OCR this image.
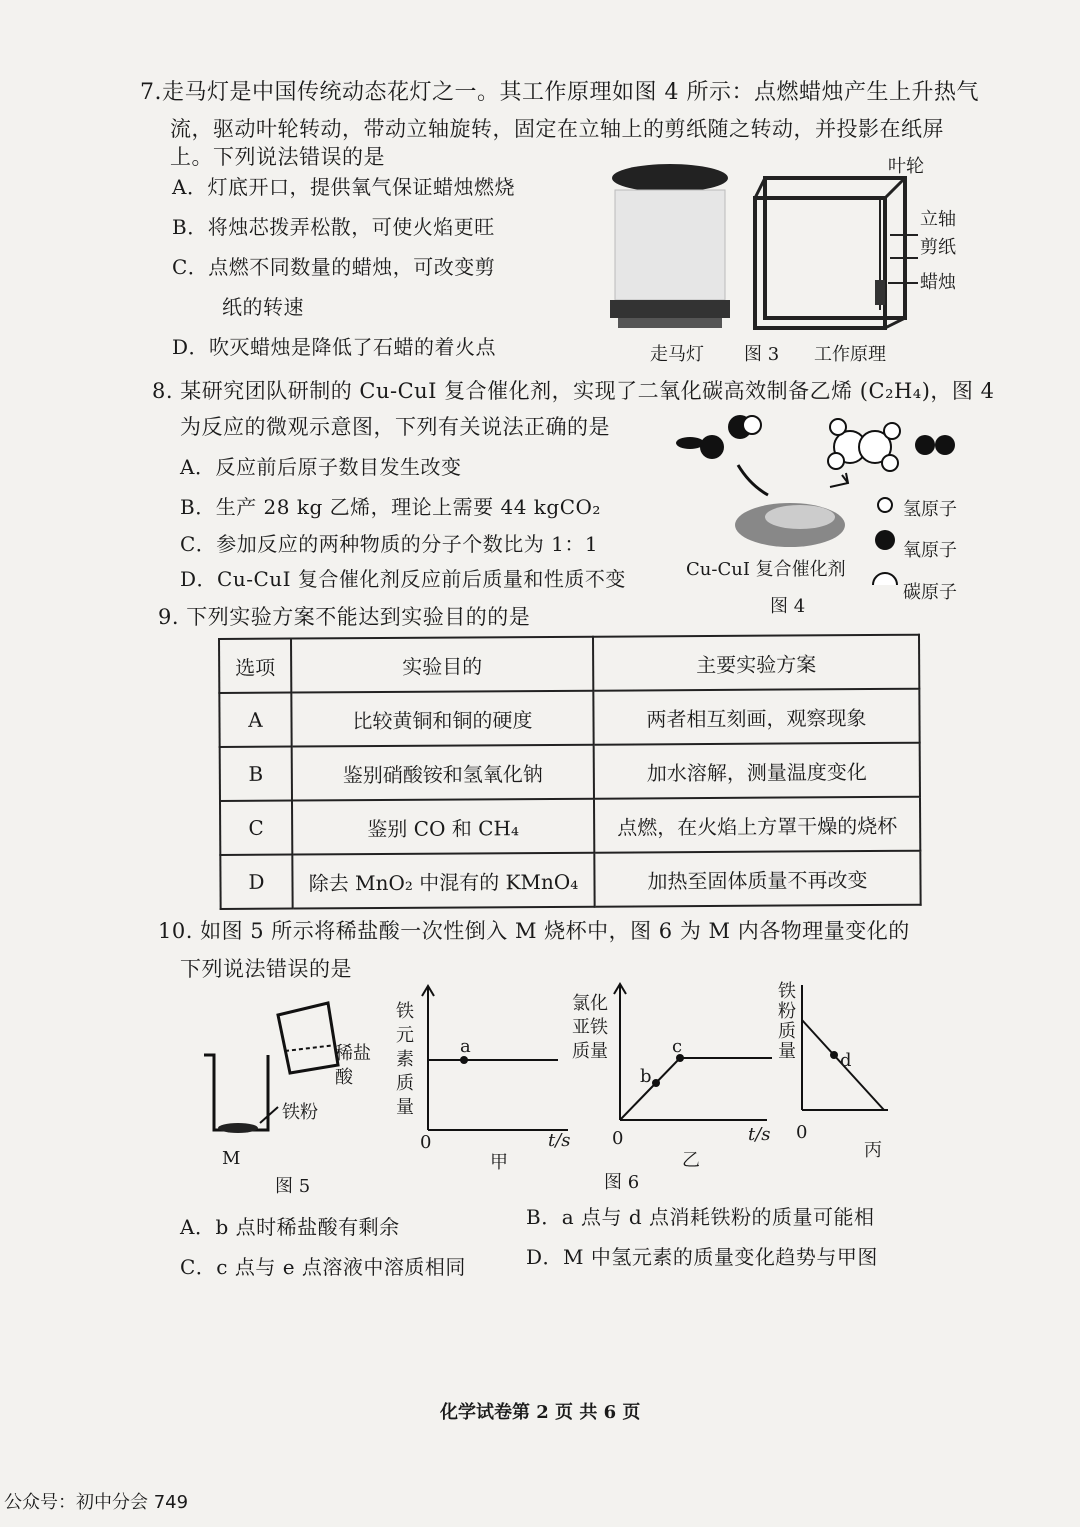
7.走马灯是中国传统动态花灯之一。其工作原理如图 4 所示：点燃蜡烛产生上升热气
流，驱动叶轮转动，带动立轴旋转，固定在立轴上的剪纸随之转动，并投影在纸屏
上。下列说法错误的是
A．灯底开口，提供氧气保证蜡烛燃烧
B．将烛芯拨弄松散，可使火焰更旺
C．点燃不同数量的蜡烛，可改变剪
纸的转速
D．吹灭蜡烛是降低了石蜡的着火点
叶轮
立轴
剪纸
蜡烛
走马灯 图 3 工作原理
8. 某研究团队研制的 Cu-CuI 复合催化剂，实现了二氧化碳高效制备乙烯 (C₂H₄)，图 4
为反应的微观示意图，下列有关说法正确的是
A．反应前后原子数目发生改变
B．生产 28 kg 乙烯，理论上需要 44 kgCO₂
C．参加反应的两种物质的分子个数比为 1：1
D．Cu-CuI 复合催化剂反应前后质量和性质不变
氢原子
氧原子
碳原子
Cu-CuI 复合催化剂
图 4
9. 下列实验方案不能达到实验目的的是
选项	实验目的	主要实验方案
A	比较黄铜和铜的硬度	两者相互刻画，观察现象
B	鉴别硝酸铵和氢氧化钠	加水溶解，测量温度变化
C	鉴别 CO 和 CH₄	点燃，在火焰上方罩干燥的烧杯
D	除去 MnO₂ 中混有的 KMnO₄	加热至固体质量不再改变
10. 如图 5 所示将稀盐酸一次性倒入 M 烧杯中，图 6 为 M 内各物理量变化的
下列说法错误的是
稀盐酸
铁粉
M
图 5
铁元素质量
a
0	t/s
甲
氯化亚铁质量
b
c
0	t/s
乙
图 6
铁粉质量 d
0
丙
A．b 点时稀盐酸有剩余	B．a 点与 d 点消耗铁粉的质量可能相
C．c 点与 e 点溶液中溶质相同	D．M 中氢元素的质量变化趋势与甲图
化学试卷第 2 页 共 6 页
公众号：初中分会 749
